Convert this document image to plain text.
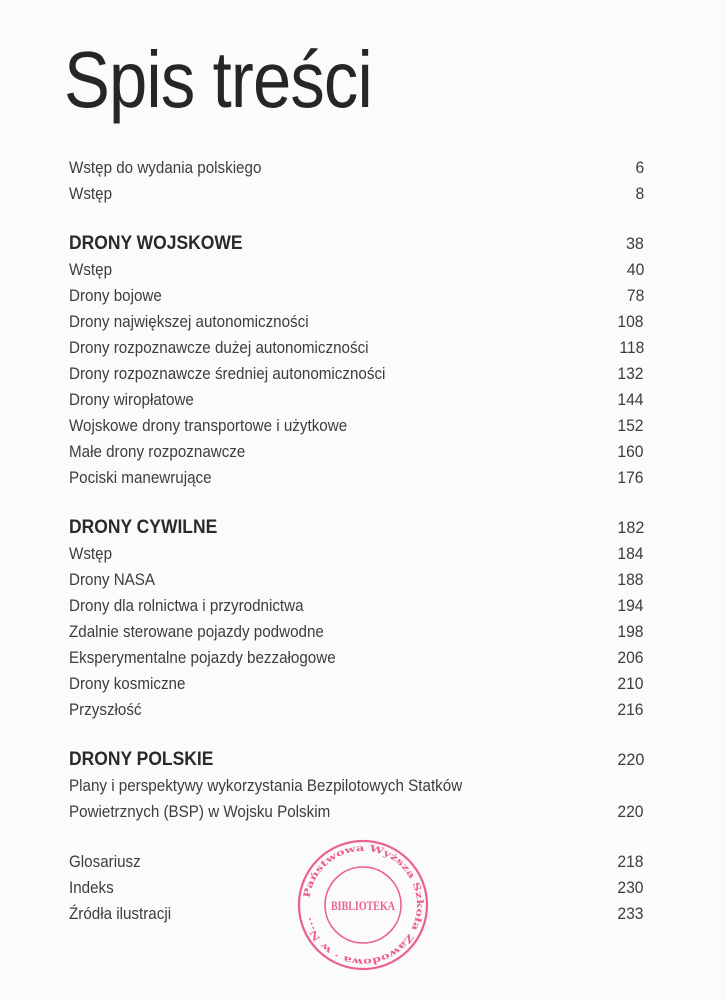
Spis treści
Wstęp do wydania polskiego	6
Wstęp	8
DRONY WOJSKOWE	38
Wstęp	40
Drony bojowe	78
Drony największej autonomiczności	108
Drony rozpoznawcze dużej autonomiczności	118
Drony rozpoznawcze średniej autonomiczności	132
Drony wiropłatowe	144
Wojskowe drony transportowe i użytkowe	152
Małe drony rozpoznawcze	160
Pociski manewrujące	176
DRONY CYWILNE	182
Wstęp	184
Drony NASA	188
Drony dla rolnictwa i przyrodnictwa	194
Zdalnie sterowane pojazdy podwodne	198
Eksperymentalne pojazdy bezzałogowe	206
Drony kosmiczne	210
Przyszłość	216
DRONY POLSKIE	220
Plany i perspektywy wykorzystania Bezpilotowych Statków
Powietrznych (BSP) w Wojsku Polskim	220
Glosariusz	218
Indeks	230
Źródła ilustracji	233
Państwowa Wyższa Szkoła Zawodowa · w N...
BIBLIOTEKA
